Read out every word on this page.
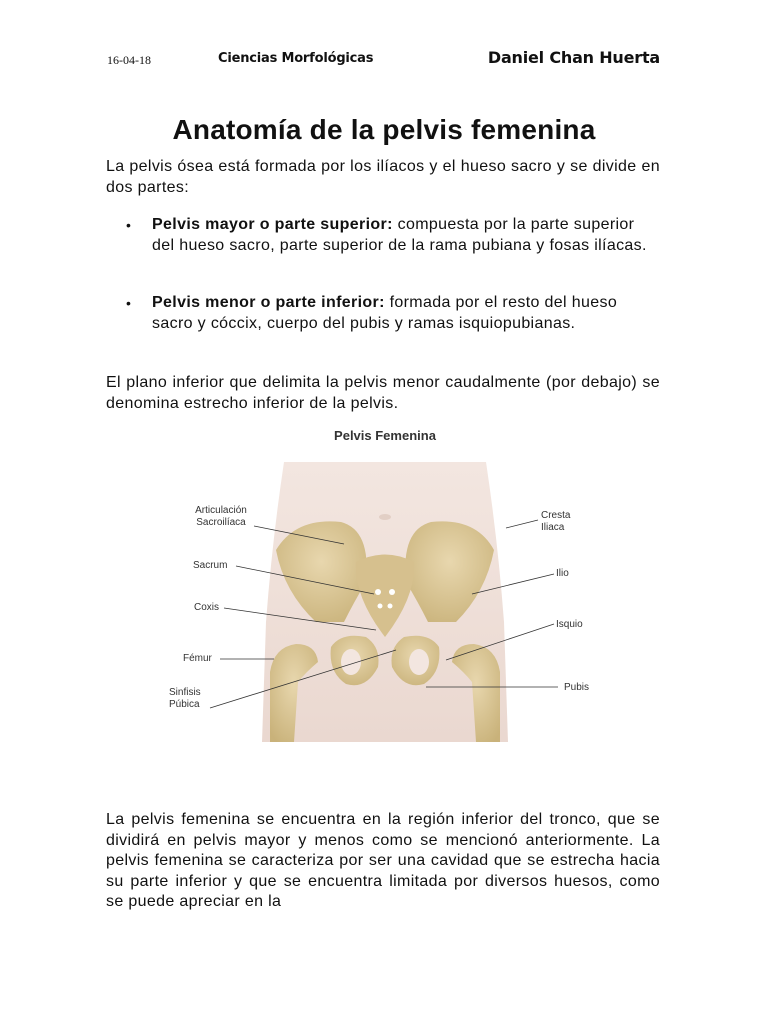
16-04-18	Ciencias Morfológicas	Daniel Chan Huerta
Anatomía de la pelvis femenina

La pelvis ósea está formada por los ilíacos y el hueso sacro y se divide en dos partes:

• Pelvis mayor o parte superior: compuesta por la parte superior del hueso sacro, parte superior de la rama pubiana y fosas ilíacas.
• Pelvis menor o parte inferior: formada por el resto del hueso sacro y cóccix, cuerpo del pubis y ramas isquiopubianas.

El plano inferior que delimita la pelvis menor caudalmente (por debajo) se denomina estrecho inferior de la pelvis.

Pelvis Femenina
Articulación Sacroilíaca
Sacrum
Coxis
Fémur
Sinfisis Púbica
Cresta Iliaca
Ilio
Isquio
Pubis

La pelvis femenina se encuentra en la región inferior del tronco, que se dividirá en pelvis mayor y menos como se mencionó anteriormente. La pelvis femenina se caracteriza por ser una cavidad que se estrecha hacia su parte inferior y que se encuentra limitada por diversos huesos, como se puede apreciar en la
